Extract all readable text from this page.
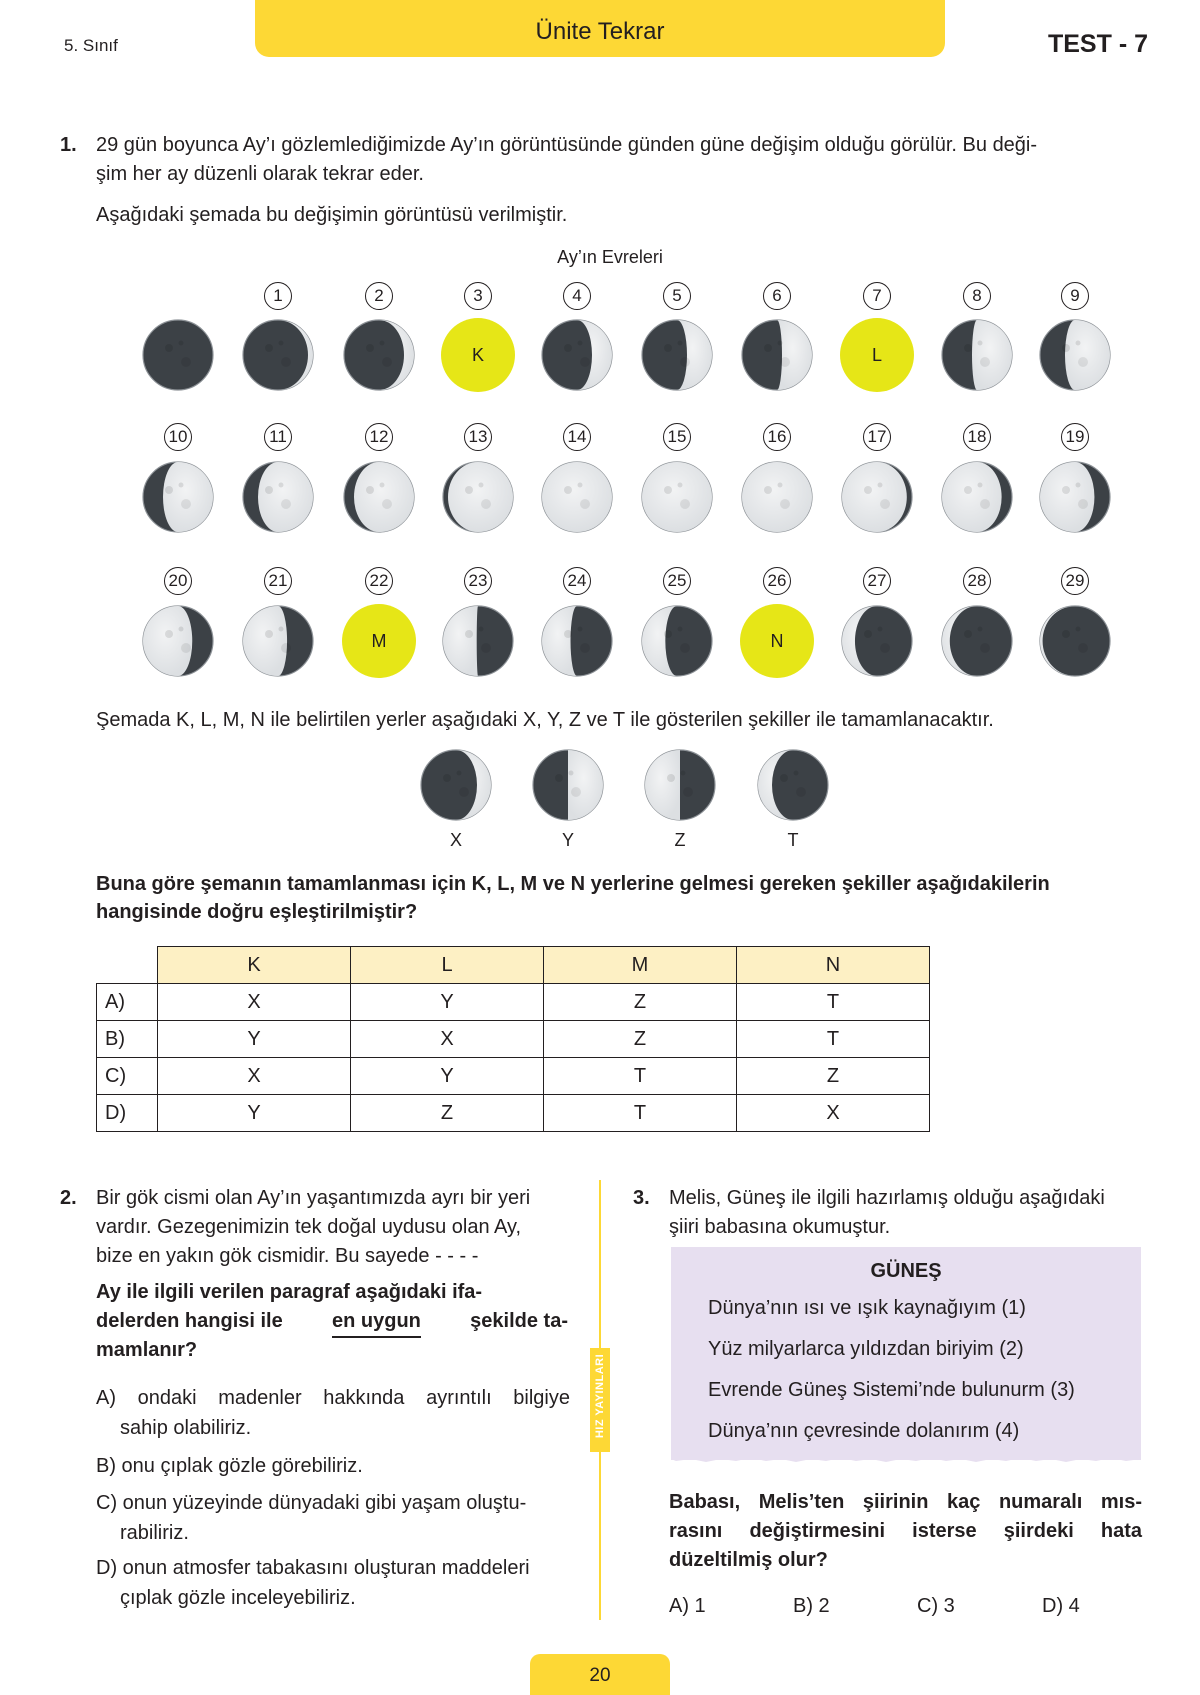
5. Sınıf
Ünite Tekrar	TEST - 7
1. 29 gün boyunca Ay’ı gözlemlediğimizde Ay’ın görüntüsünde günden güne değişim olduğu görülür. Bu deği-
şim her ay düzenli olarak tekrar eder.
Aşağıdaki şemada bu değişimin görüntüsü verilmiştir.
Ay’ın Evreleri
1	2	3
K
4	5	6	7
L
8	9
10	11	12	13	14	15	16	17	18	19
20	21	22
M
23	24	25	26
N
27	28	29
Şemada K, L, M, N ile belirtilen yerler aşağıdaki X, Y, Z ve T ile gösterilen şekiller ile tamamlanacaktır.
X	Y	Z	T
Buna göre şemanın tamamlanması için K, L, M ve N yerlerine gelmesi gereken şekiller aşağıdakilerin
hangisinde doğru eşleştirilmiştir?
	K	L	M	N
A)	X	Y	Z	T
B)	Y	X	Z	T
C)	X	Y	T	Z
D)	Y	Z	T	X
2. Bir gök cismi olan Ay’ın yaşantımızda ayrı bir yeri
vardır. Gezegenimizin tek doğal uydusu olan Ay,
bize en yakın gök cismidir. Bu sayede - - - -
Ay ile ilgili verilen paragraf aşağıdaki ifa-
delerden hangisi ile en uygun şekilde ta-
mamlanır?
A) ondaki madenler hakkında ayrıntılı bilgiye
sahip olabiliriz.
B) onu çıplak gözle görebiliriz.
C) onun yüzeyinde dünyadaki gibi yaşam oluştu-
rabiliriz.
D) onun atmosfer tabakasını oluşturan maddeleri
çıplak gözle inceleyebiliriz.
HIZ YAYINLARI
3. Melis, Güneş ile ilgili hazırlamış olduğu aşağıdaki
şiiri babasına okumuştur.
GÜNEŞ
Dünya’nın ısı ve ışık kaynağıyım (1)
Yüz milyarlarca yıldızdan biriyim (2)
Evrende Güneş Sistemi’nde bulunurm (3)
Dünya’nın çevresinde dolanırım (4)
Babası, Melis’ten şiirinin kaç numaralı mıs-
rasını değiştirmesini isterse şiirdeki hata
düzeltilmiş olur?
A) 1	B) 2	C) 3	D) 4
20
